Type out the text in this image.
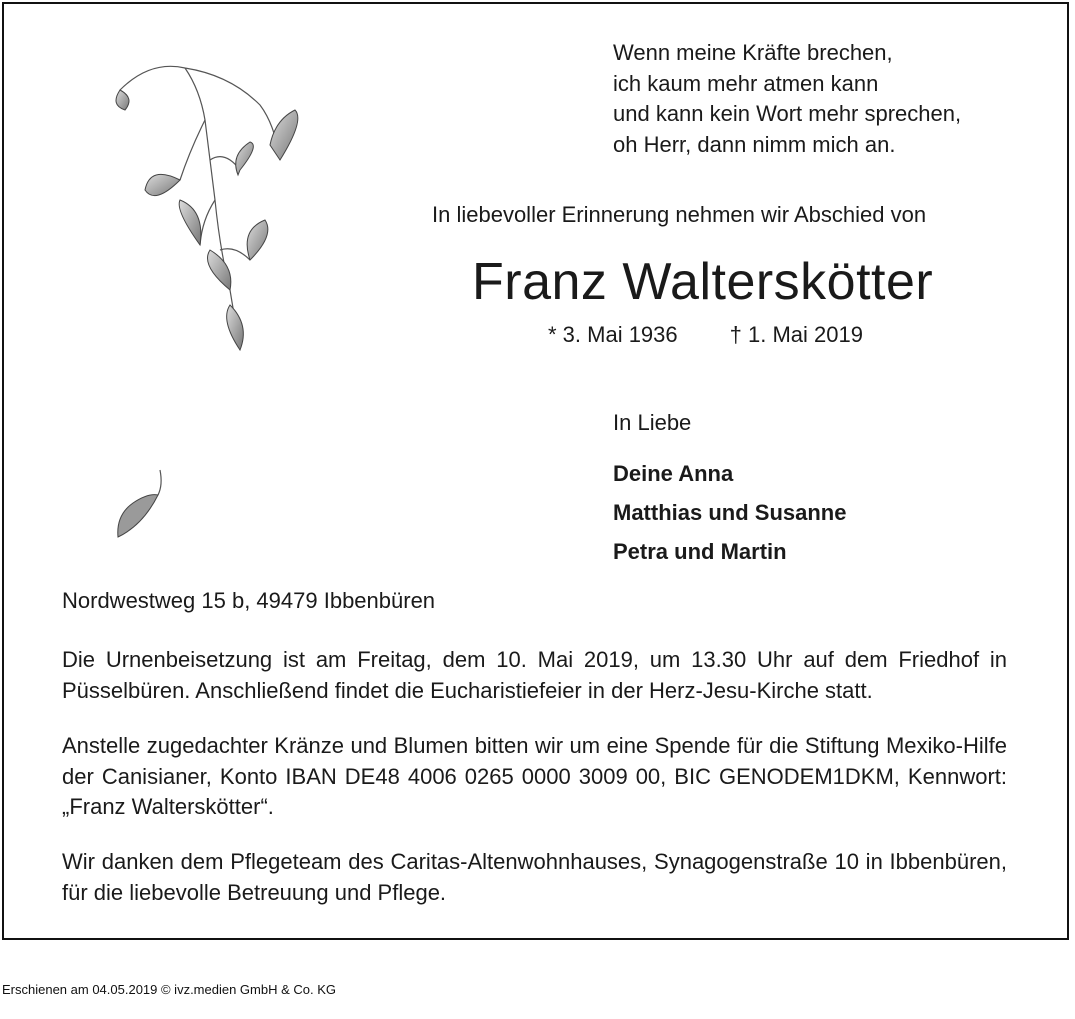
Wenn meine Kräfte brechen,
ich kaum mehr atmen kann
und kann kein Wort mehr sprechen,
oh Herr, dann nimm mich an.
In liebevoller Erinnerung nehmen wir Abschied von
Franz Walterskötter
* 3. Mai 1936 † 1. Mai 2019
In Liebe
Deine Anna
Matthias und Susanne
Petra und Martin
Nordwestweg 15 b, 49479 Ibbenbüren
Die Urnenbeisetzung ist am Freitag, dem 10. Mai 2019, um 13.30 Uhr auf dem Friedhof in Püsselbüren. Anschließend findet die Eucharistiefeier in der Herz-Jesu-Kirche statt.
Anstelle zugedachter Kränze und Blumen bitten wir um eine Spende für die Stiftung Mexiko-Hilfe der Canisianer, Konto IBAN DE48 4006 0265 0000 3009 00, BIC GENODEM1DKM, Kennwort: „Franz Walterskötter“.
Wir danken dem Pflegeteam des Caritas-Altenwohnhauses, Synagogenstraße 10 in Ibbenbüren, für die liebevolle Betreuung und Pflege.
Erschienen am 04.05.2019 © ivz.medien GmbH & Co. KG
